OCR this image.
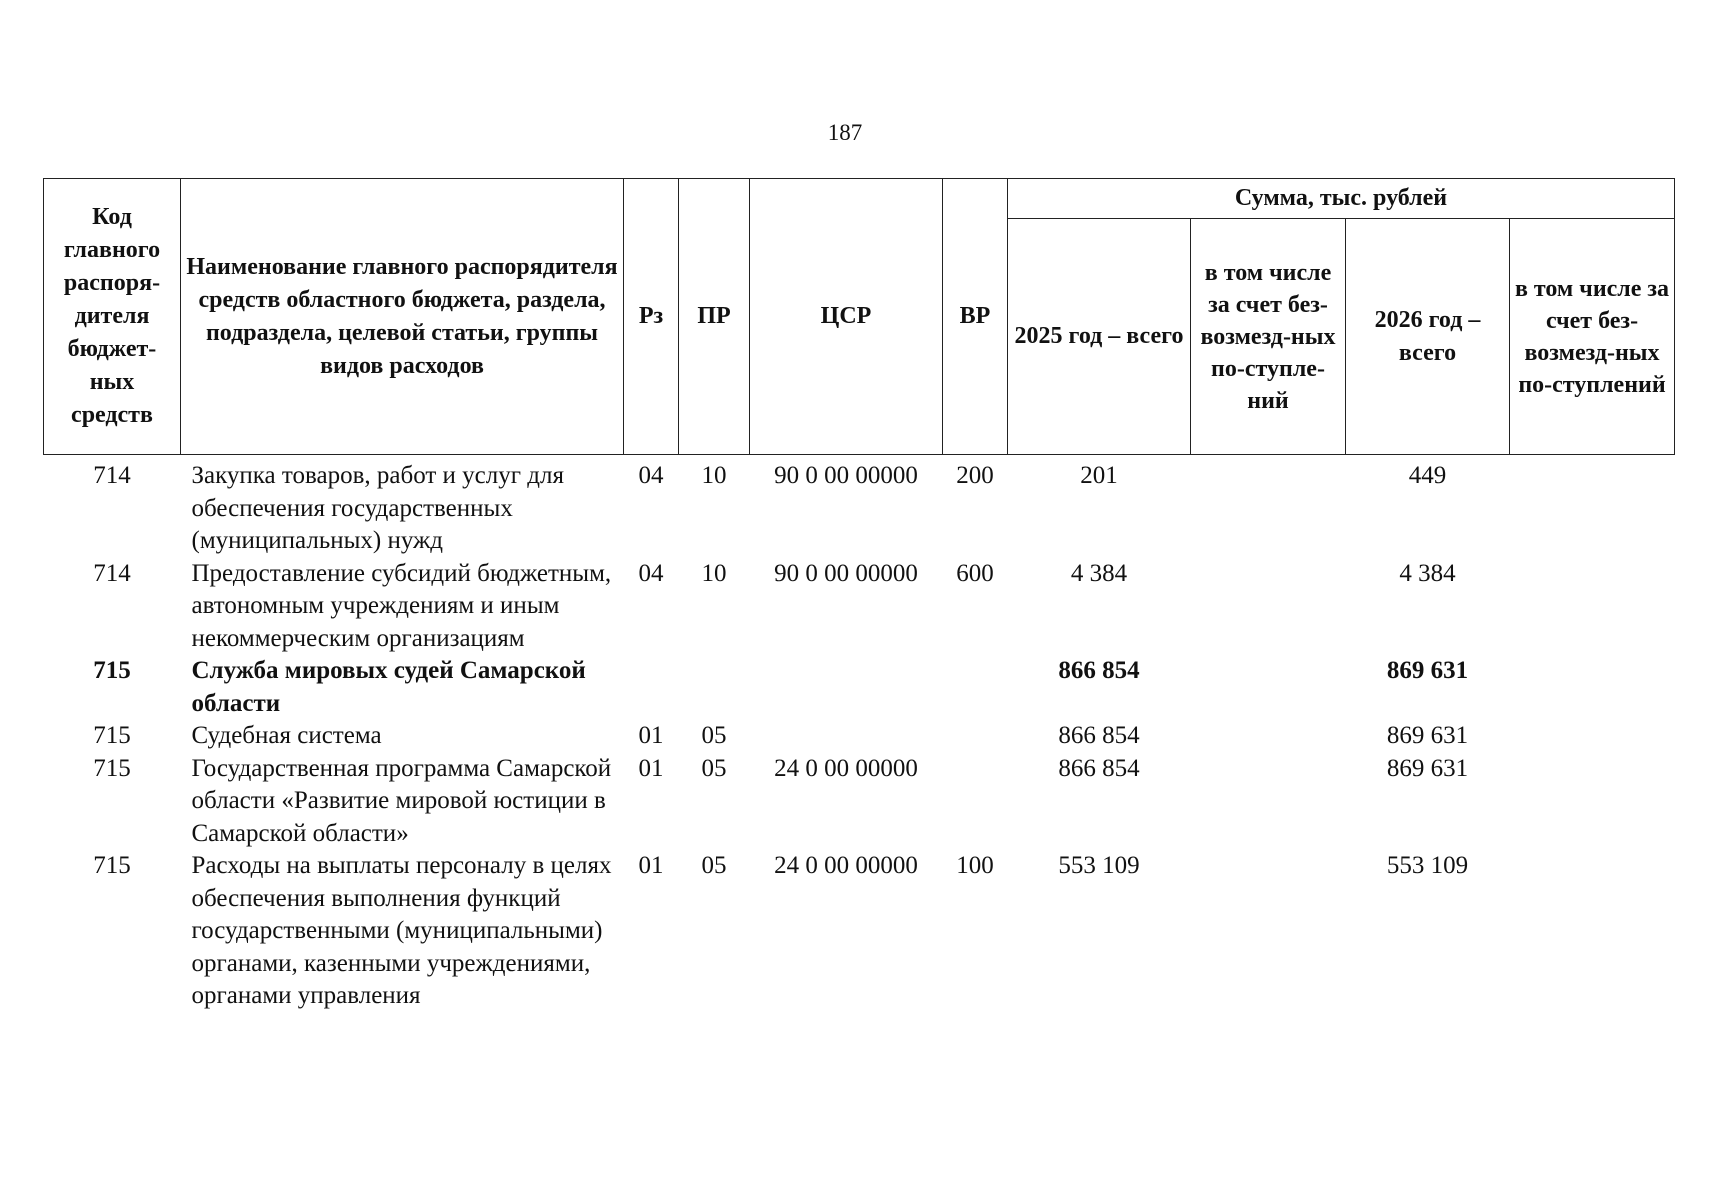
187
Код главного распоря-дителя бюджет-ных средств	Наименование главного распорядителя средств областного бюджета, раздела, подраздела, целевой статьи, группы видов расходов	Рз	ПР	ЦСР	ВР	Сумма, тыс. рублей			
						2025 год – всего	в том числе за счет без-возмезд-ных по-ступле-ний	2026 год – всего	в том числе за счет без-возмезд-ных по-ступлений
714	Закупка товаров, работ и услуг для обеспечения государственных (муниципальных) нужд	04	10	90 0 00 00000	200	201		449	
714	Предоставление субсидий бюджетным, автономным учреждениям и иным некоммерческим организациям	04	10	90 0 00 00000	600	4 384		4 384	
715	Служба мировых судей Самарской области					866 854		869 631	
715	Судебная система	01	05			866 854		869 631	
715	Государственная программа Самарской области «Развитие мировой юстиции в Самарской области»	01	05	24 0 00 00000		866 854		869 631	
715	Расходы на выплаты персоналу в целях обеспечения выполнения функций государственными (муниципальными) органами, казенными учреждениями, органами управления	01	05	24 0 00 00000	100	553 109		553 109	
